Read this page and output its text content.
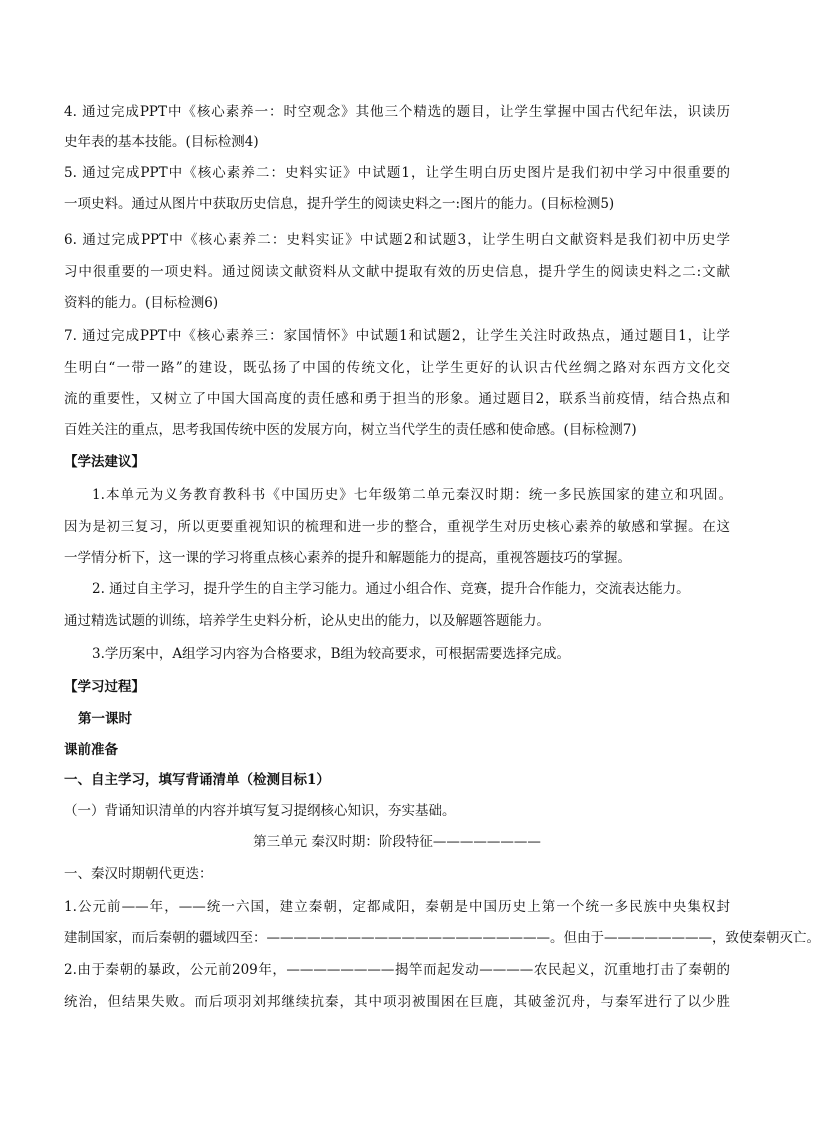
4. 通过完成PPT中《核心素养一：时空观念》其他三个精选的题目，让学生掌握中国古代纪年法，识读历
史年表的基本技能。(目标检测4)
5. 通过完成PPT中《核心素养二：史料实证》中试题1，让学生明白历史图片是我们初中学习中很重要的
一项史料。通过从图片中获取历史信息，提升学生的阅读史料之一:图片的能力。(目标检测5)
6. 通过完成PPT中《核心素养二：史料实证》中试题2和试题3，让学生明白文献资料是我们初中历史学
习中很重要的一项史料。通过阅读文献资料从文献中提取有效的历史信息，提升学生的阅读史料之二:文献
资料的能力。(目标检测6)
7. 通过完成PPT中《核心素养三：家国情怀》中试题1和试题2，让学生关注时政热点，通过题目1，让学
生明白“一带一路”的建设，既弘扬了中国的传统文化，让学生更好的认识古代丝绸之路对东西方文化交
流的重要性，又树立了中国大国高度的责任感和勇于担当的形象。通过题目2，联系当前疫情，结合热点和
百姓关注的重点，思考我国传统中医的发展方向，树立当代学生的责任感和使命感。(目标检测7)
【学法建议】
1.本单元为义务教育教科书《中国历史》七年级第二单元秦汉时期：统一多民族国家的建立和巩固。
因为是初三复习，所以更要重视知识的梳理和进一步的整合，重视学生对历史核心素养的敏感和掌握。在这
一学情分析下，这一课的学习将重点核心素养的提升和解题能力的提高，重视答题技巧的掌握。
2. 通过自主学习，提升学生的自主学习能力。通过小组合作、竞赛，提升合作能力，交流表达能力。
通过精选试题的训练，培养学生史料分析，论从史出的能力，以及解题答题能力。
3.学历案中，A组学习内容为合格要求，B组为较高要求，可根据需要选择完成。
【学习过程】
第一课时
课前准备
一、自主学习，填写背诵清单（检测目标1）
（一）背诵知识清单的内容并填写复习提纲核心知识，夯实基础。
第三单元 秦汉时期：阶段特征————————
一、秦汉时期朝代更迭：
1.公元前——年，——统一六国，建立秦朝，定都咸阳，秦朝是中国历史上第一个统一多民族中央集权封
建制国家，而后秦朝的疆域四至：—————————————————————。但由于————————，致使秦朝灭亡。
2.由于秦朝的暴政，公元前209年，————————揭竿而起发动————农民起义，沉重地打击了秦朝的
统治，但结果失败。而后项羽刘邦继续抗秦，其中项羽被围困在巨鹿，其破釜沉舟，与秦军进行了以少胜
